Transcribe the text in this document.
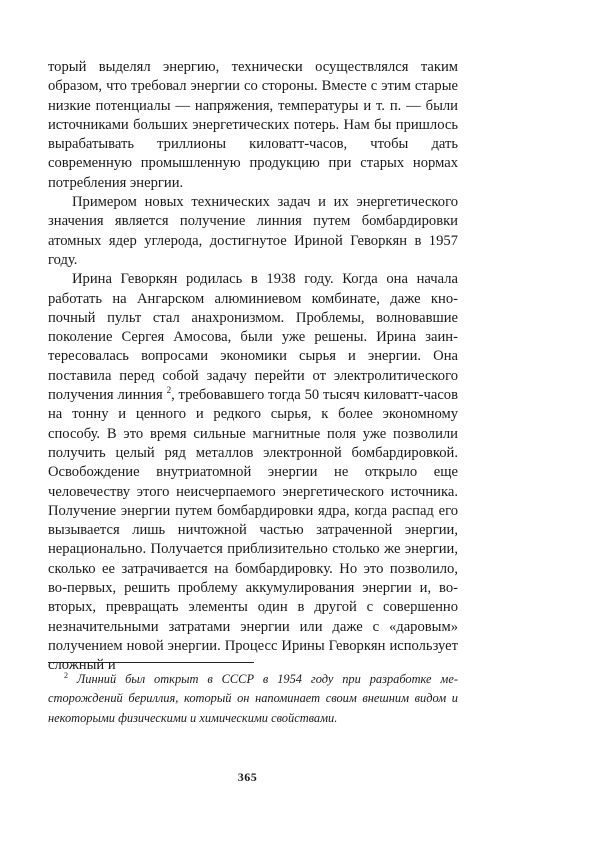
торый выделял энергию, технически осуществлялся таким образом, что требовал энергии со стороны. Вместе с этим старые низкие потенциалы — напряжения, температуры и т. п. — были источниками больших энергетических потерь. Нам бы пришлось вырабатывать триллионы киловатт-часов, чтобы дать современную промышленную продукцию при старых нормах потребления энергии.

Примером новых технических задач и их энергетического значения является получение линния путем бомбардировки атомных ядер углерода, достигнутое Ириной Геворкян в 1957 году.

Ирина Геворкян родилась в 1938 году. Когда она начала работать на Ангарском алюминиевом комбинате, даже кнопочный пульт стал анахронизмом. Проблемы, волновавшие поколение Сергея Амосова, были уже решены. Ирина заинтересовалась вопросами экономики сырья и энергии. Она поставила перед собой задачу перейти от электролитического получения линния $^2$, требовавшего тогда 50 тысяч киловатт-часов на тонну и ценного и редкого сырья, к более экономному способу. В это время сильные магнитные поля уже позволили получить целый ряд металлов электронной бомбардировкой. Освобождение внутриатомной энергии не открыло еще человечеству этого неисчерпаемого энергетического источника. Получение энергии путем бомбардировки ядра, когда распад его вызывается лишь ничтожной частью затраченной энергии, нерационально. Получается приблизительно столько же энергии, сколько ее затрачивается на бомбардировку. Но это позволило, во-первых, решить проблему аккумулирования энергии и, во-вторых, превращать элементы один в другой с совершенно незначительными затратами энергии или даже с «даровым» получением новой энергии. Процесс Ирины Геворкян использует сложный и

$^2$ Линний был открыт в СССР в 1954 году при разработке месторождений бериллия, который он напоминает своим внешним видом и некоторыми физическими и химическими свойствами.

365
